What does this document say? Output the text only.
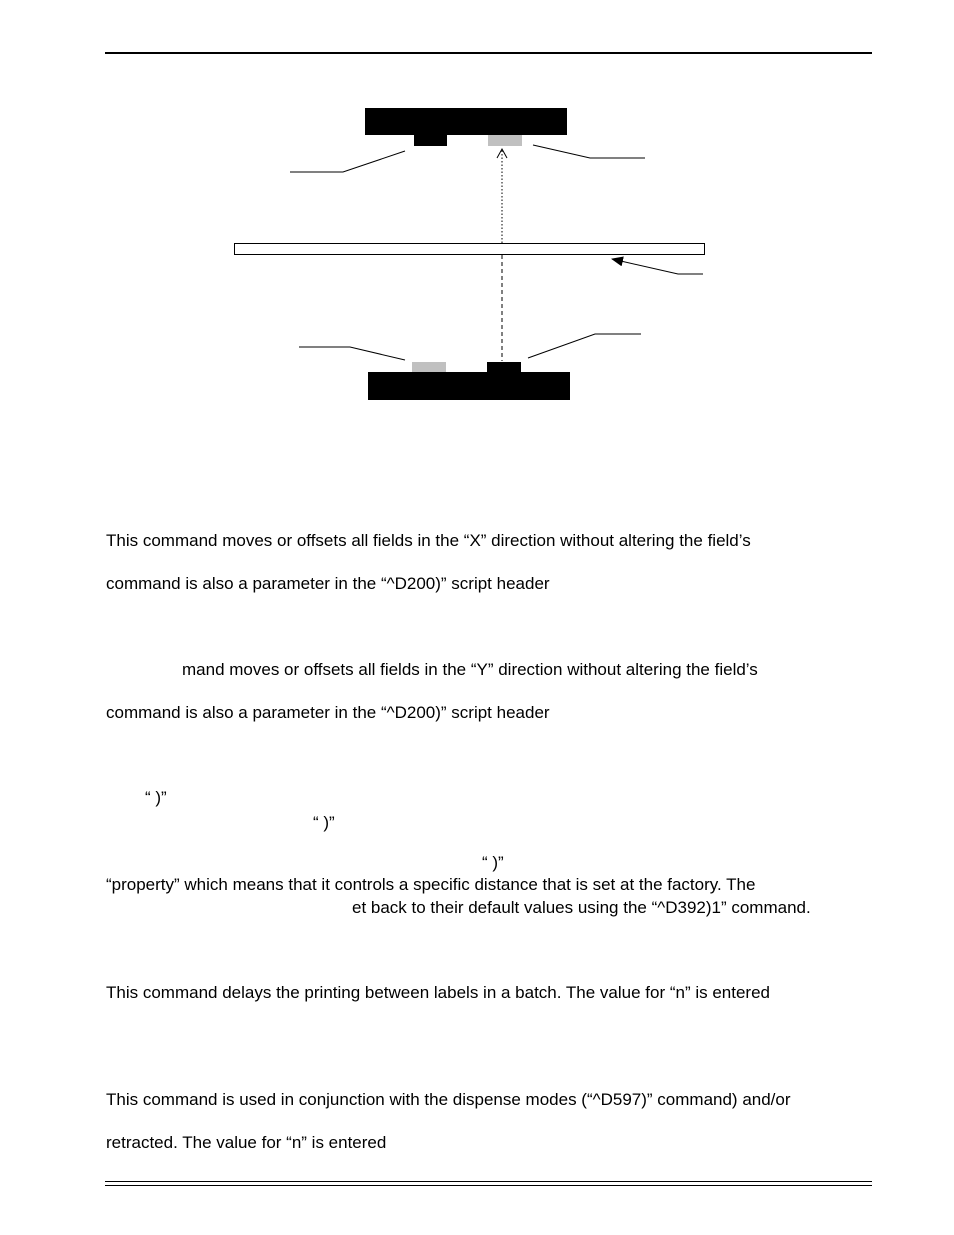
This command moves or offsets all fields in the “X” direction without altering the field’s

command is also a parameter in the “^D200)” script header

mand moves or offsets all fields in the “Y” direction without altering the field’s

command is also a parameter in the “^D200)” script header

“ )”

“ )”

“ )”

“property” which means that it controls a specific distance that is set at the factory. The

et back to their default values using the “^D392)1” command.

This command delays the printing between labels in a batch. The value for “n” is entered

This command is used in conjunction with the dispense modes (“^D597)” command) and/or

retracted. The value for “n” is entered
